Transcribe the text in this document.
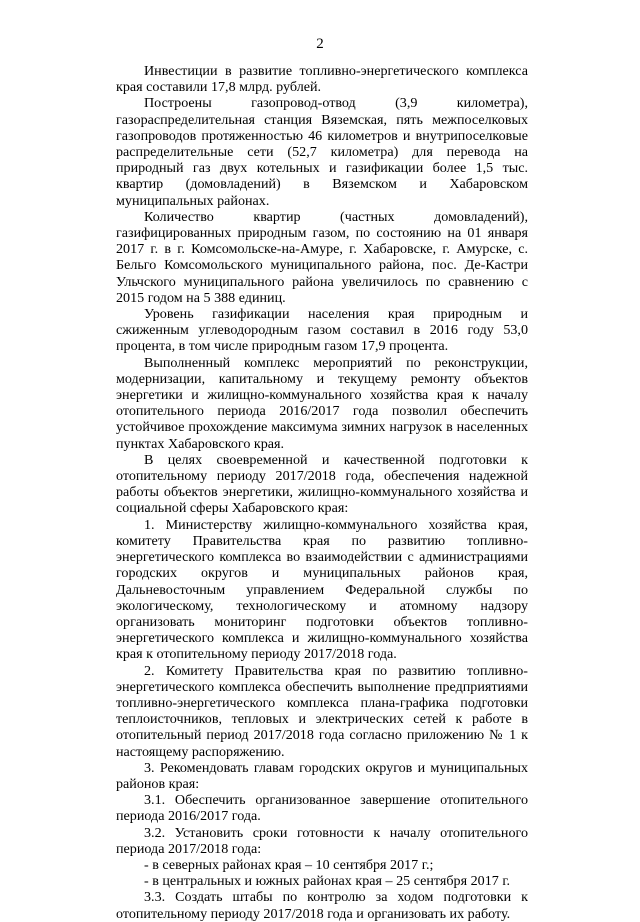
2

Инвестиции в развитие топливно-энергетического комплекса края составили 17,8 млрд. рублей.

Построены газопровод-отвод (3,9 километра), газораспределительная станция Вяземская, пять межпоселковых газопроводов протяженностью 46 километров и внутрипоселковые распределительные сети (52,7 километра) для перевода на природный газ двух котельных и газификации более 1,5 тыс. квартир (домовладений) в Вяземском и Хабаровском муниципальных районах.

Количество квартир (частных домовладений), газифицированных природным газом, по состоянию на 01 января 2017 г. в г. Комсомольске-на-Амуре, г. Хабаровске, г. Амурске, с. Бельго Комсомольского муниципального района, пос. Де-Кастри Ульчского муниципального района увеличилось по сравнению с 2015 годом на 5 388 единиц.

Уровень газификации населения края природным и сжиженным углеводородным газом составил в 2016 году 53,0 процента, в том числе природным газом 17,9 процента.

Выполненный комплекс мероприятий по реконструкции, модернизации, капитальному и текущему ремонту объектов энергетики и жилищно-коммунального хозяйства края к началу отопительного периода 2016/2017 года позволил обеспечить устойчивое прохождение максимума зимних нагрузок в населенных пунктах Хабаровского края.

В целях своевременной и качественной подготовки к отопительному периоду 2017/2018 года, обеспечения надежной работы объектов энергетики, жилищно-коммунального хозяйства и социальной сферы Хабаровского края:

1. Министерству жилищно-коммунального хозяйства края, комитету Правительства края по развитию топливно-энергетического комплекса во взаимодействии с администрациями городских округов и муниципальных районов края, Дальневосточным управлением Федеральной службы по экологическому, технологическому и атомному надзору организовать мониторинг подготовки объектов топливно-энергетического комплекса и жилищно-коммунального хозяйства края к отопительному периоду 2017/2018 года.

2. Комитету Правительства края по развитию топливно-энергетического комплекса обеспечить выполнение предприятиями топливно-энергетического комплекса плана-графика подготовки теплоисточников, тепловых и электрических сетей к работе в отопительный период 2017/2018 года согласно приложению № 1 к настоящему распоряжению.

3. Рекомендовать главам городских округов и муниципальных районов края:

3.1. Обеспечить организованное завершение отопительного периода 2016/2017 года.

3.2. Установить сроки готовности к началу отопительного периода 2017/2018 года:

- в северных районах края – 10 сентября 2017 г.;

- в центральных и южных районах края – 25 сентября 2017 г.

3.3. Создать штабы по контролю за ходом подготовки к отопительному периоду 2017/2018 года и организовать их работу.
